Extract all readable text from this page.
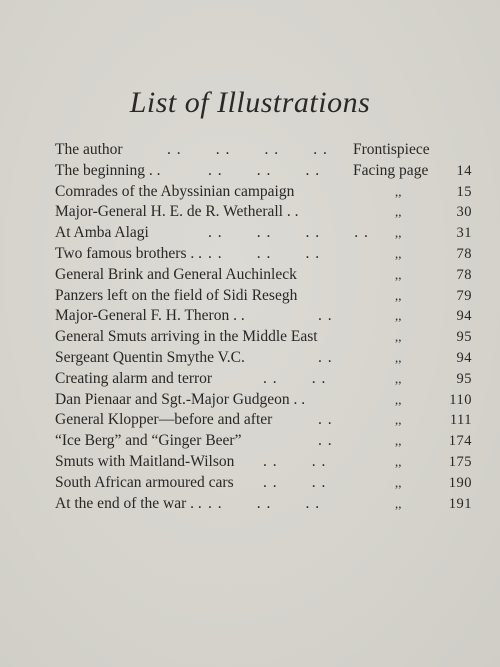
List of Illustrations
The author	. .       . .       . .       . . Frontispiece
The beginning . .	. .       . .       . . Facing page 14
Comrades of the Abyssinian campaign	,,	15
Major-General H. E. de R. Wetherall . .	,,	30
At Amba Alagi	. .       . .       . .       . . ,,	31
Two famous brothers . . . .       . .       . .	,,	78
General Brink and General Auchinleck	,,	78
Panzers left on the field of Sidi Resegh	,,	79
Major-General F. H. Theron . .	. .	,,	94
General Smuts arriving in the Middle East	,,	95
Sergeant Quentin Smythe V.C.	. .	,,	94
Creating alarm and terror	. .       . .	,,	95
Dan Pienaar and Sgt.-Major Gudgeon . .	,,	110
General Klopper—before and after	. .	,,	111
“Ice Berg” and “Ginger Beer”	. .	,,	174
Smuts with Maitland-Wilson . .       . .	,,	175
South African armoured cars . .       . .	,,	190
At the end of the war . . . .       . .       . .	,,	191
